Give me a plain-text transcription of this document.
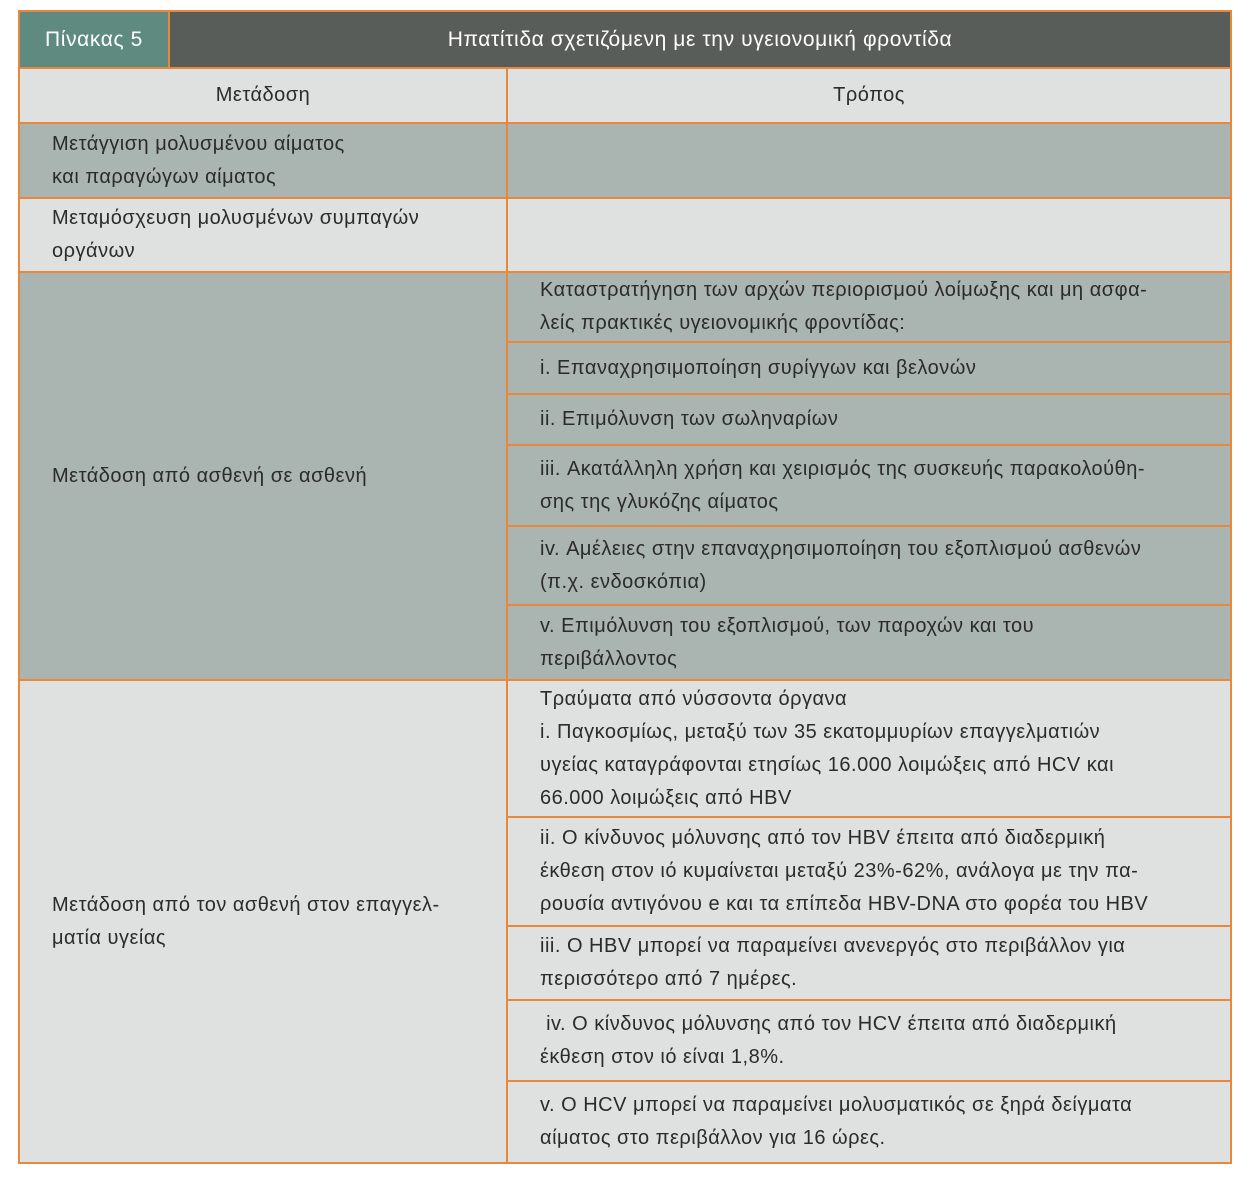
Πίνακας 5	Ηπατίτιδα σχετιζόμενη με την υγειονομική φροντίδα
Μετάδοση	Τρόπος
Μετάγγιση μολυσμένου αίματος
και παραγώγων αίματος
Μεταμόσχευση μολυσμένων συμπαγών
οργάνων
Μετάδοση από ασθενή σε ασθενή
Καταστρατήγηση των αρχών περιορισμού λοίμωξης και μη ασφα-
λείς πρακτικές υγειονομικής φροντίδας:
i. Επαναχρησιμοποίηση συρίγγων και βελονών
ii. Επιμόλυνση των σωληναρίων
iii. Ακατάλληλη χρήση και χειρισμός της συσκευής παρακολούθη-
σης της γλυκόζης αίματος
iv. Αμέλειες στην επαναχρησιμοποίηση του εξοπλισμού ασθενών
(π.χ. ενδοσκόπια)
v. Επιμόλυνση του εξοπλισμού, των παροχών και του
περιβάλλοντος
Μετάδοση από τον ασθενή στον επαγγελ-
ματία υγείας
Τραύματα από νύσσοντα όργανα
i. Παγκοσμίως, μεταξύ των 35 εκατομμυρίων επαγγελματιών
υγείας καταγράφονται ετησίως 16.000 λοιμώξεις από HCV και
66.000 λοιμώξεις από HBV
ii. Ο κίνδυνος μόλυνσης από τον HBV έπειτα από διαδερμική
έκθεση στον ιό κυμαίνεται μεταξύ 23%-62%, ανάλογα με την πα-
ρουσία αντιγόνου e και τα επίπεδα HBV-DNA στο φορέα του HBV
iii. Ο HBV μπορεί να παραμείνει ανενεργός στο περιβάλλον για
περισσότερο από 7 ημέρες.
iv. Ο κίνδυνος μόλυνσης από τον HCV έπειτα από διαδερμική
έκθεση στον ιό είναι 1,8%.
v. Ο HCV μπορεί να παραμείνει μολυσματικός σε ξηρά δείγματα
αίματος στο περιβάλλον για 16 ώρες.
